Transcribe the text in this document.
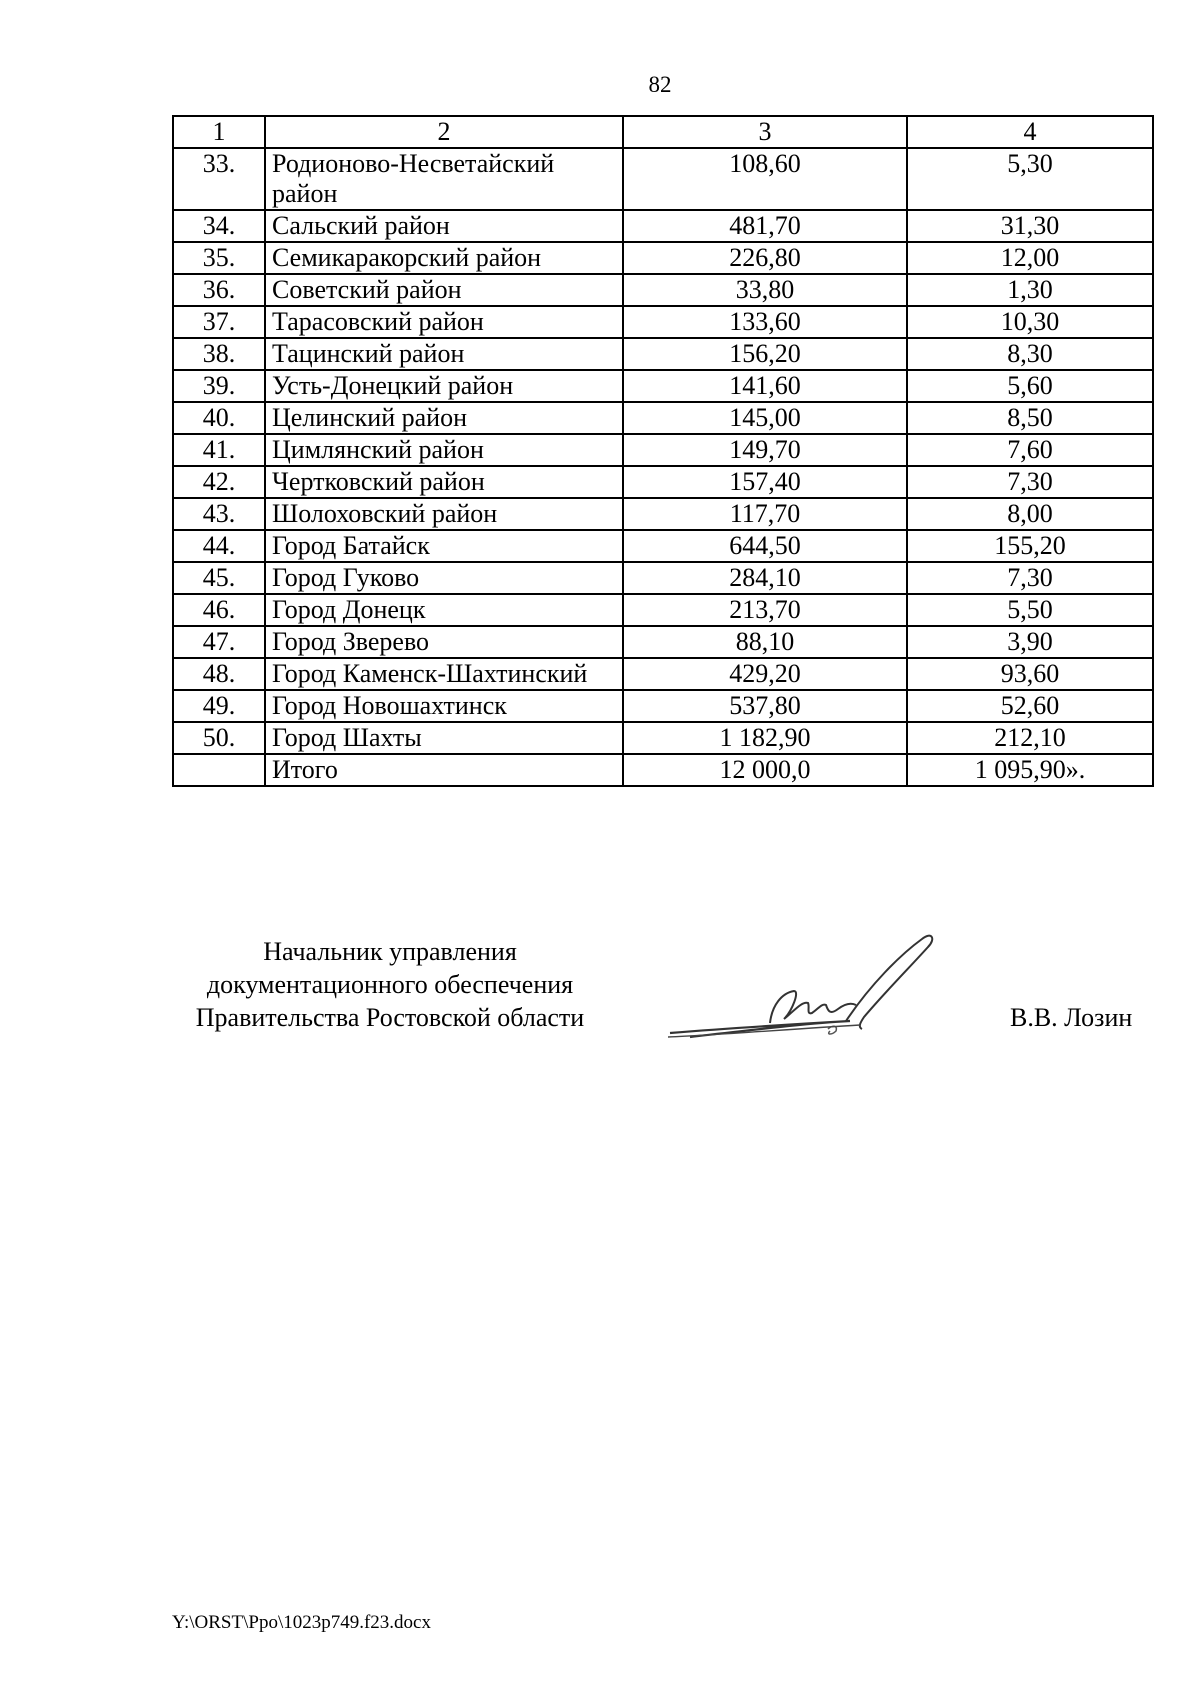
82
1	2	3	4
33.	Родионово-Несветайский район	108,60	5,30
34.	Сальский район	481,70	31,30
35.	Семикаракорский район	226,80	12,00
36.	Советский район	33,80	1,30
37.	Тарасовский район	133,60	10,30
38.	Тацинский район	156,20	8,30
39.	Усть-Донецкий район	141,60	5,60
40.	Целинский район	145,00	8,50
41.	Цимлянский район	149,70	7,60
42.	Чертковский район	157,40	7,30
43.	Шолоховский район	117,70	8,00
44.	Город Батайск	644,50	155,20
45.	Город Гуково	284,10	7,30
46.	Город Донецк	213,70	5,50
47.	Город Зверево	88,10	3,90
48.	Город Каменск-Шахтинский	429,20	93,60
49.	Город Новошахтинск	537,80	52,60
50.	Город Шахты	1 182,90	212,10
	Итого	12 000,0	1 095,90».
Начальник управления
документационного обеспечения
Правительства Ростовской области	В.В. Лозин
Y:\ORST\Ppo\1023p749.f23.docx
